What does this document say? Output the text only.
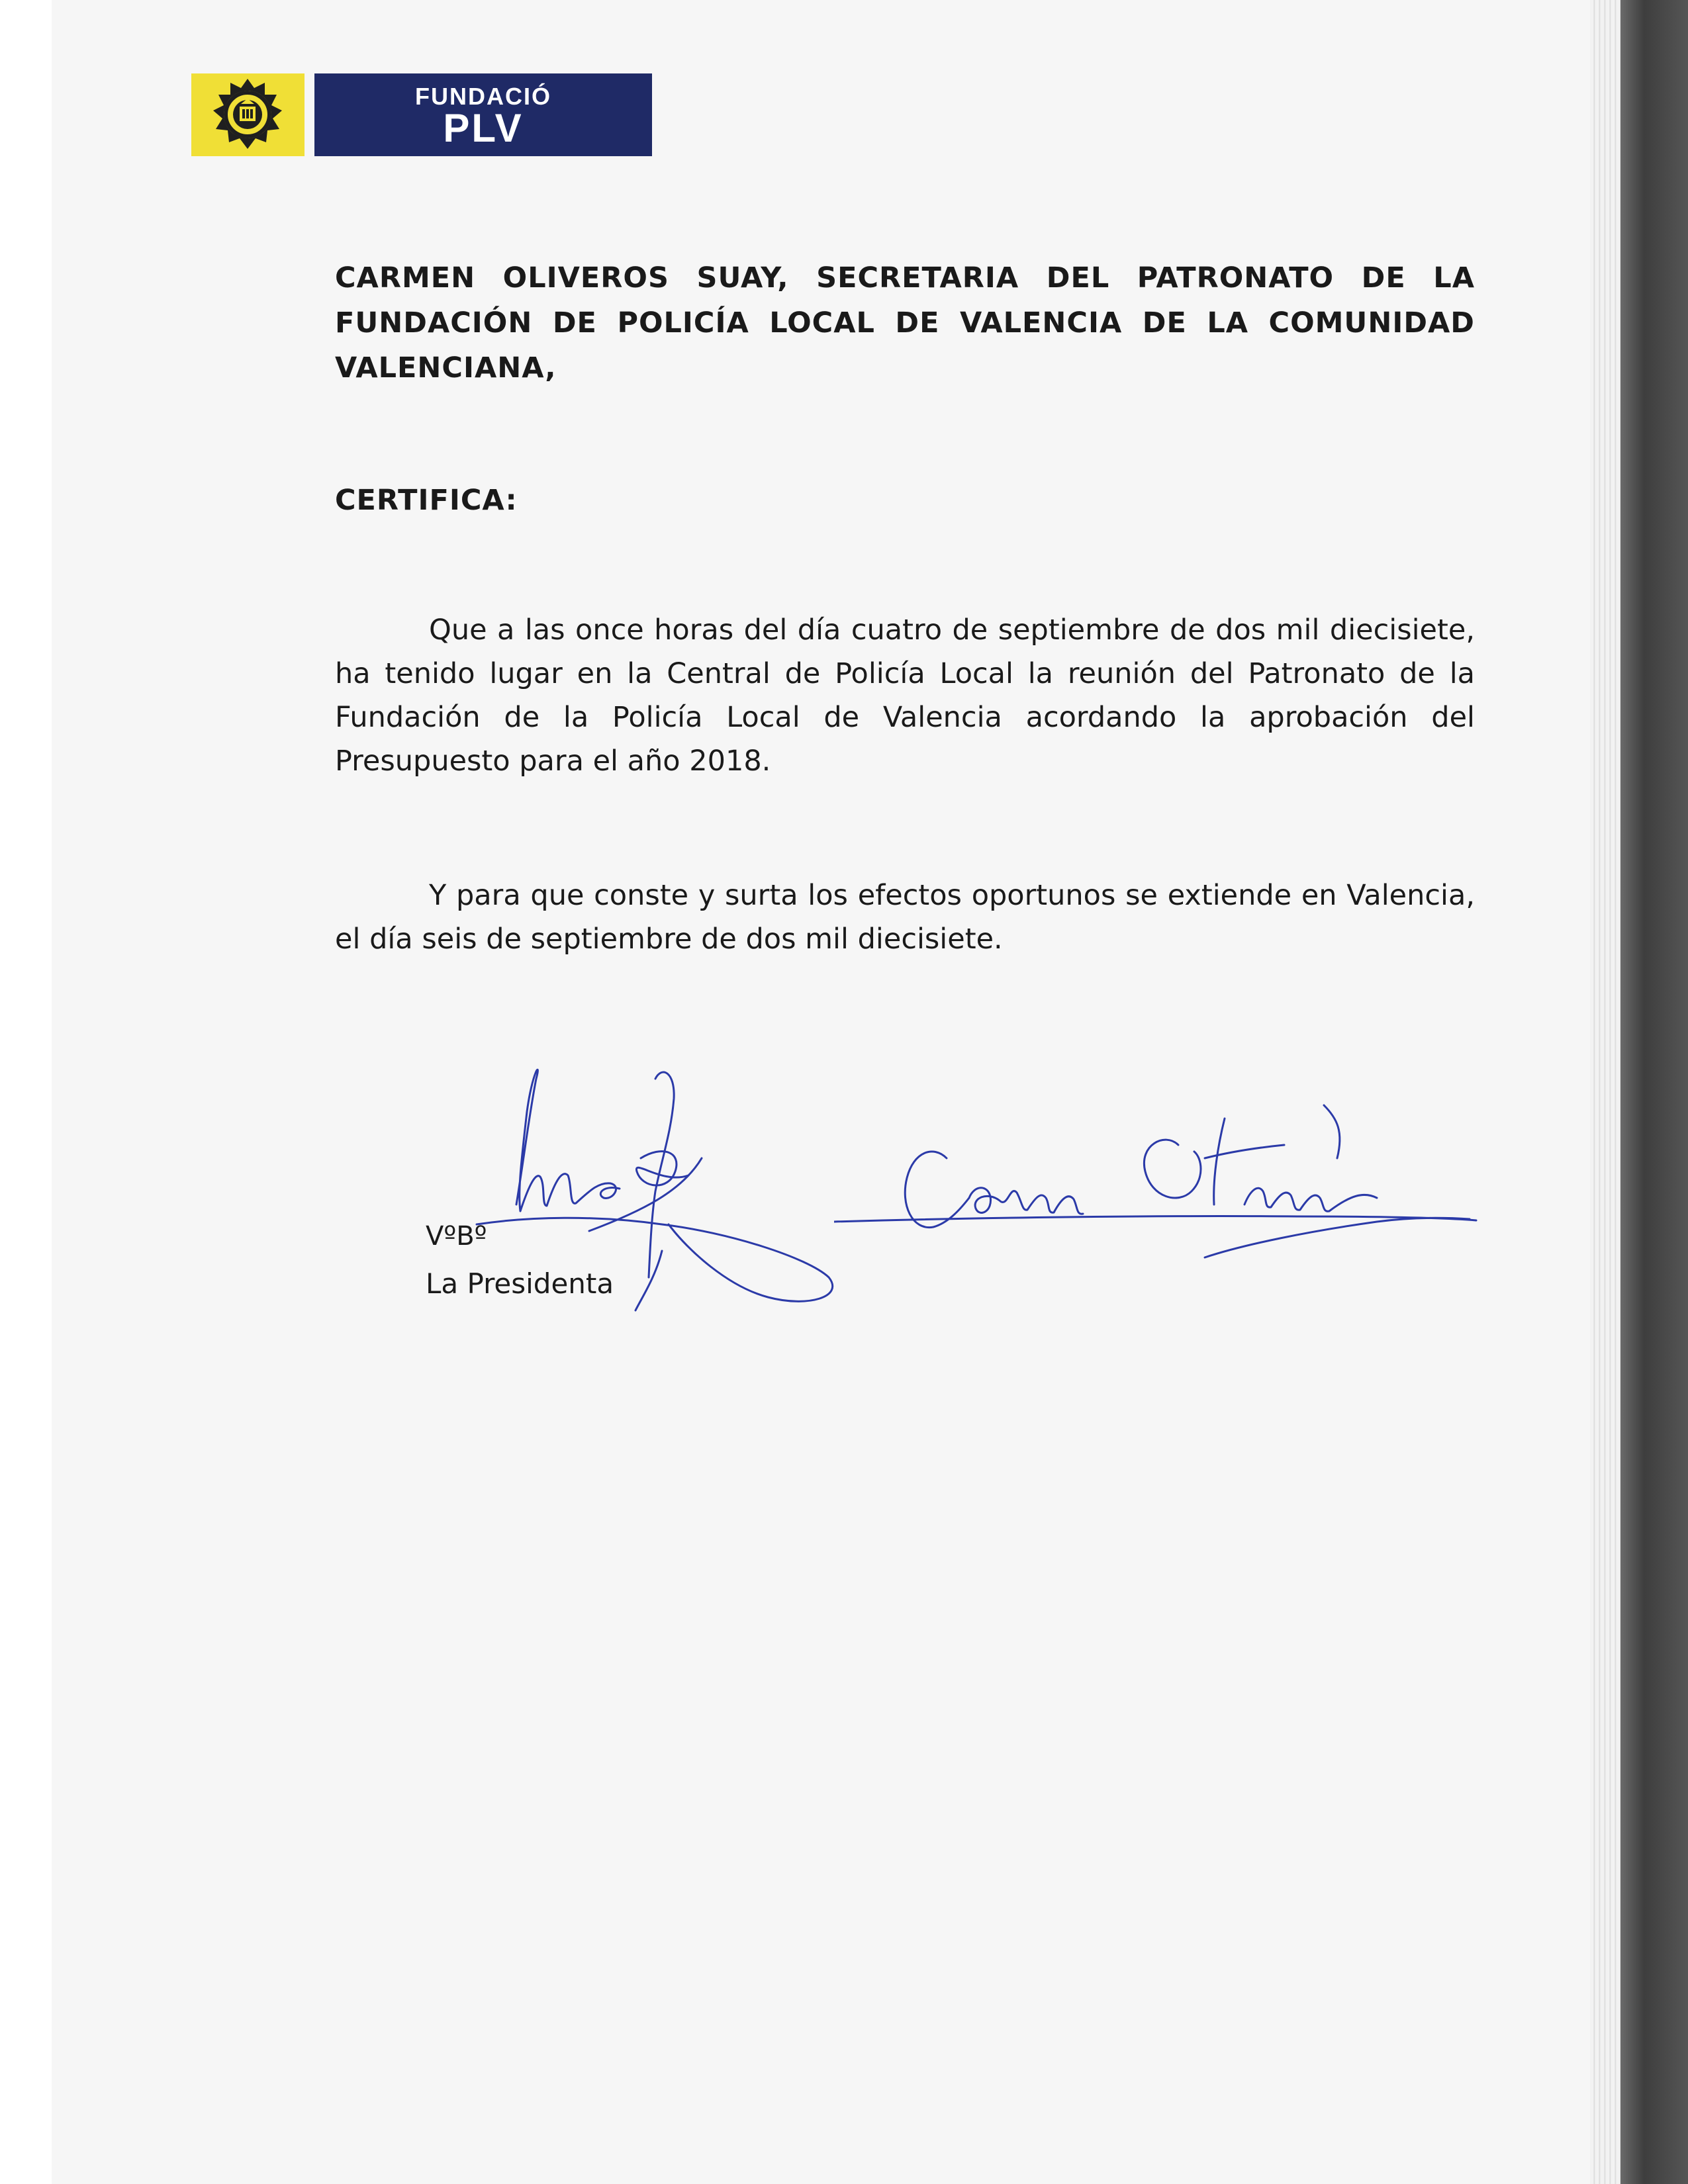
FUNDACIÓ
PLV
CARMEN OLIVEROS SUAY, SECRETARIA DEL PATRONATO DE LA FUNDACIÓN DE POLICÍA LOCAL DE VALENCIA DE LA COMUNIDAD VALENCIANA,
CERTIFICA:
Que a las once horas del día cuatro de septiembre de dos mil diecisiete, ha tenido lugar en la Central de Policía Local la reunión del Patronato de la Fundación de la Policía Local de Valencia acordando la aprobación del Presupuesto para el año 2018.
Y para que conste y surta los efectos oportunos se extiende en Valencia, el día seis de septiembre de dos mil diecisiete.
VºBº
La Presidenta
